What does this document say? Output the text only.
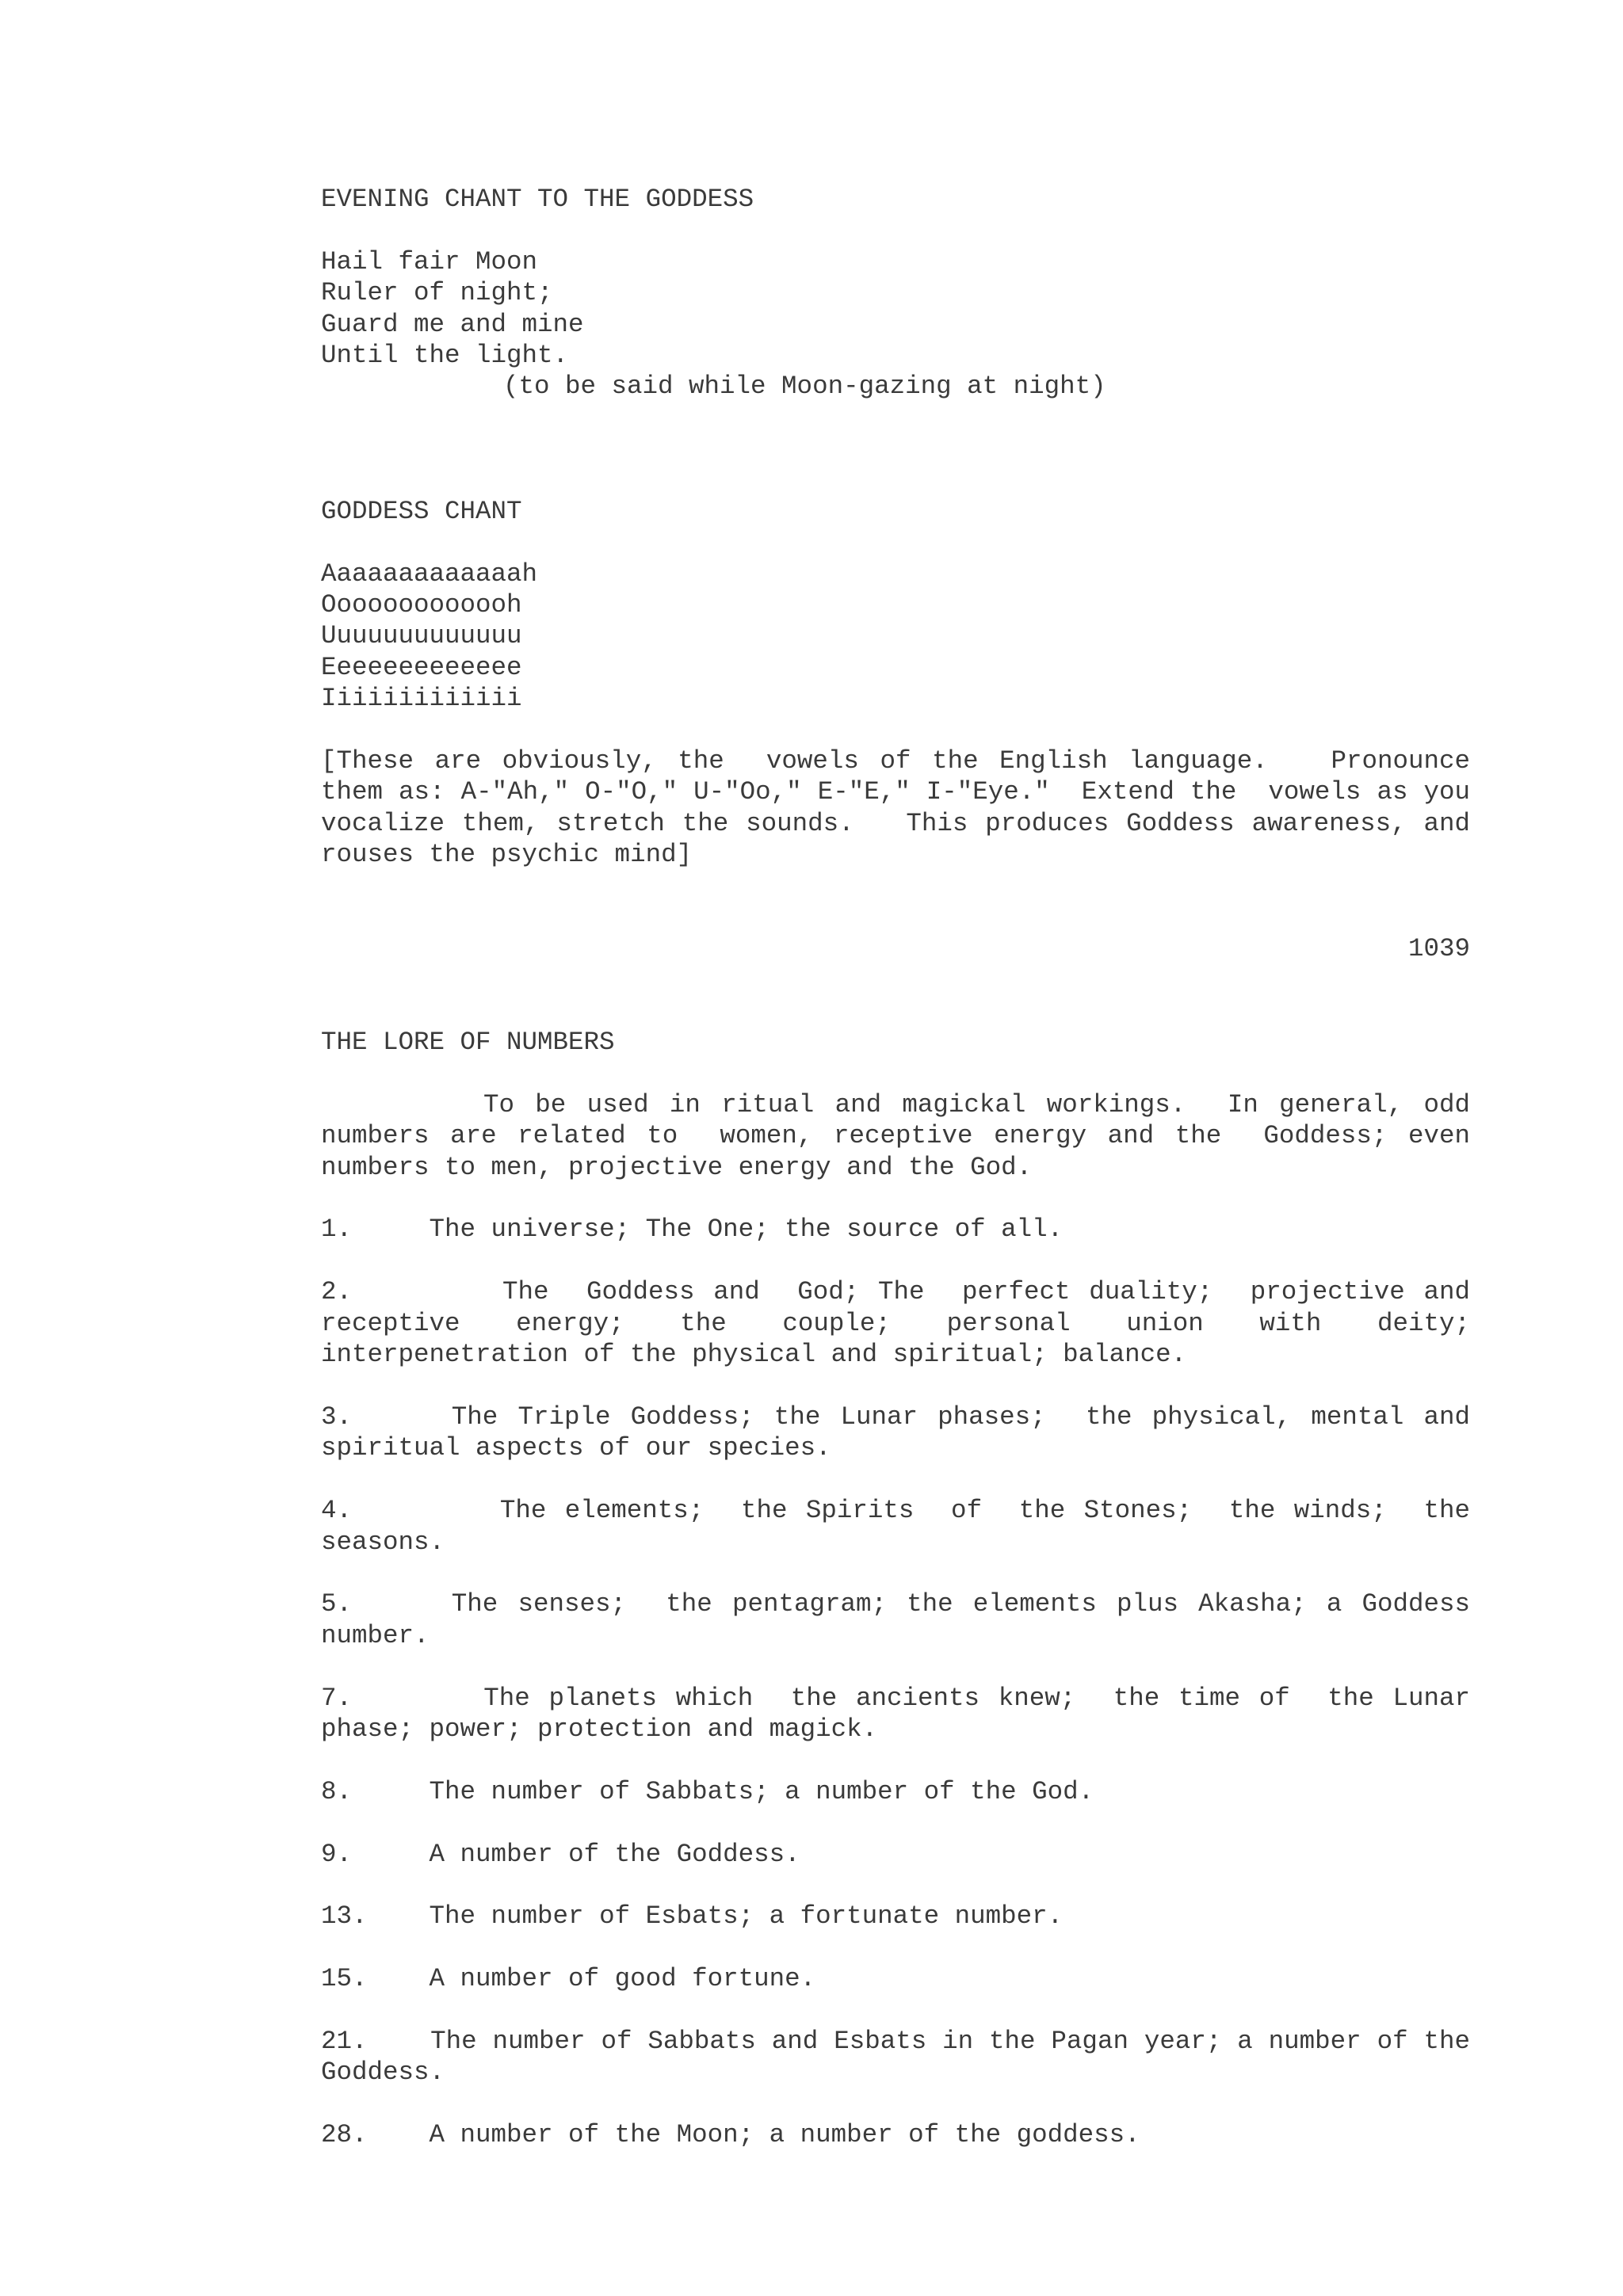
EVENING CHANT TO THE GODDESS
Hail fair Moon
Ruler of night;
Guard me and mine
Until the light.
(to be said while Moon-gazing at night)
GODDESS CHANT
Aaaaaaaaaaaaah
Ooooooooooooh
Uuuuuuuuuuuuu
Eeeeeeeeeeeee
Iiiiiiiiiiiii
[These are obviously, the  vowels of the English language.   Pronounce them as: A-"Ah," O-"O," U-"Oo," E-"E," I-"Eye."  Extend the  vowels as you vocalize them, stretch the sounds.   This produces Goddess awareness, and rouses the psychic mind]
1039
THE LORE OF NUMBERS
To be used in ritual and magickal workings.  In general, odd numbers are related to  women, receptive energy and the  Goddess; even numbers to men, projective energy and the God.
1.	The universe; The One; the source of all.
2.	The  Goddess and  God; The  perfect duality;  projective and receptive  energy;  the  couple;  personal  union  with  deity; interpenetration of the physical and spiritual; balance.
3.	The Triple Goddess; the Lunar phases;  the physical, mental and spiritual aspects of our species.
4.	The elements;  the Spirits  of  the Stones;  the winds;  the seasons.
5.	The senses;  the pentagram; the elements plus Akasha; a Goddess number.
7.	The planets which  the ancients knew;  the time of  the Lunar phase; power; protection and magick.
8.	The number of Sabbats; a number of the God.
9.	A number of the Goddess.
13. The number of Esbats; a fortunate number.
15. A number of good fortune.
21. The number of Sabbats and Esbats in the Pagan year; a number of the Goddess.
28. A number of the Moon; a number of the goddess.
